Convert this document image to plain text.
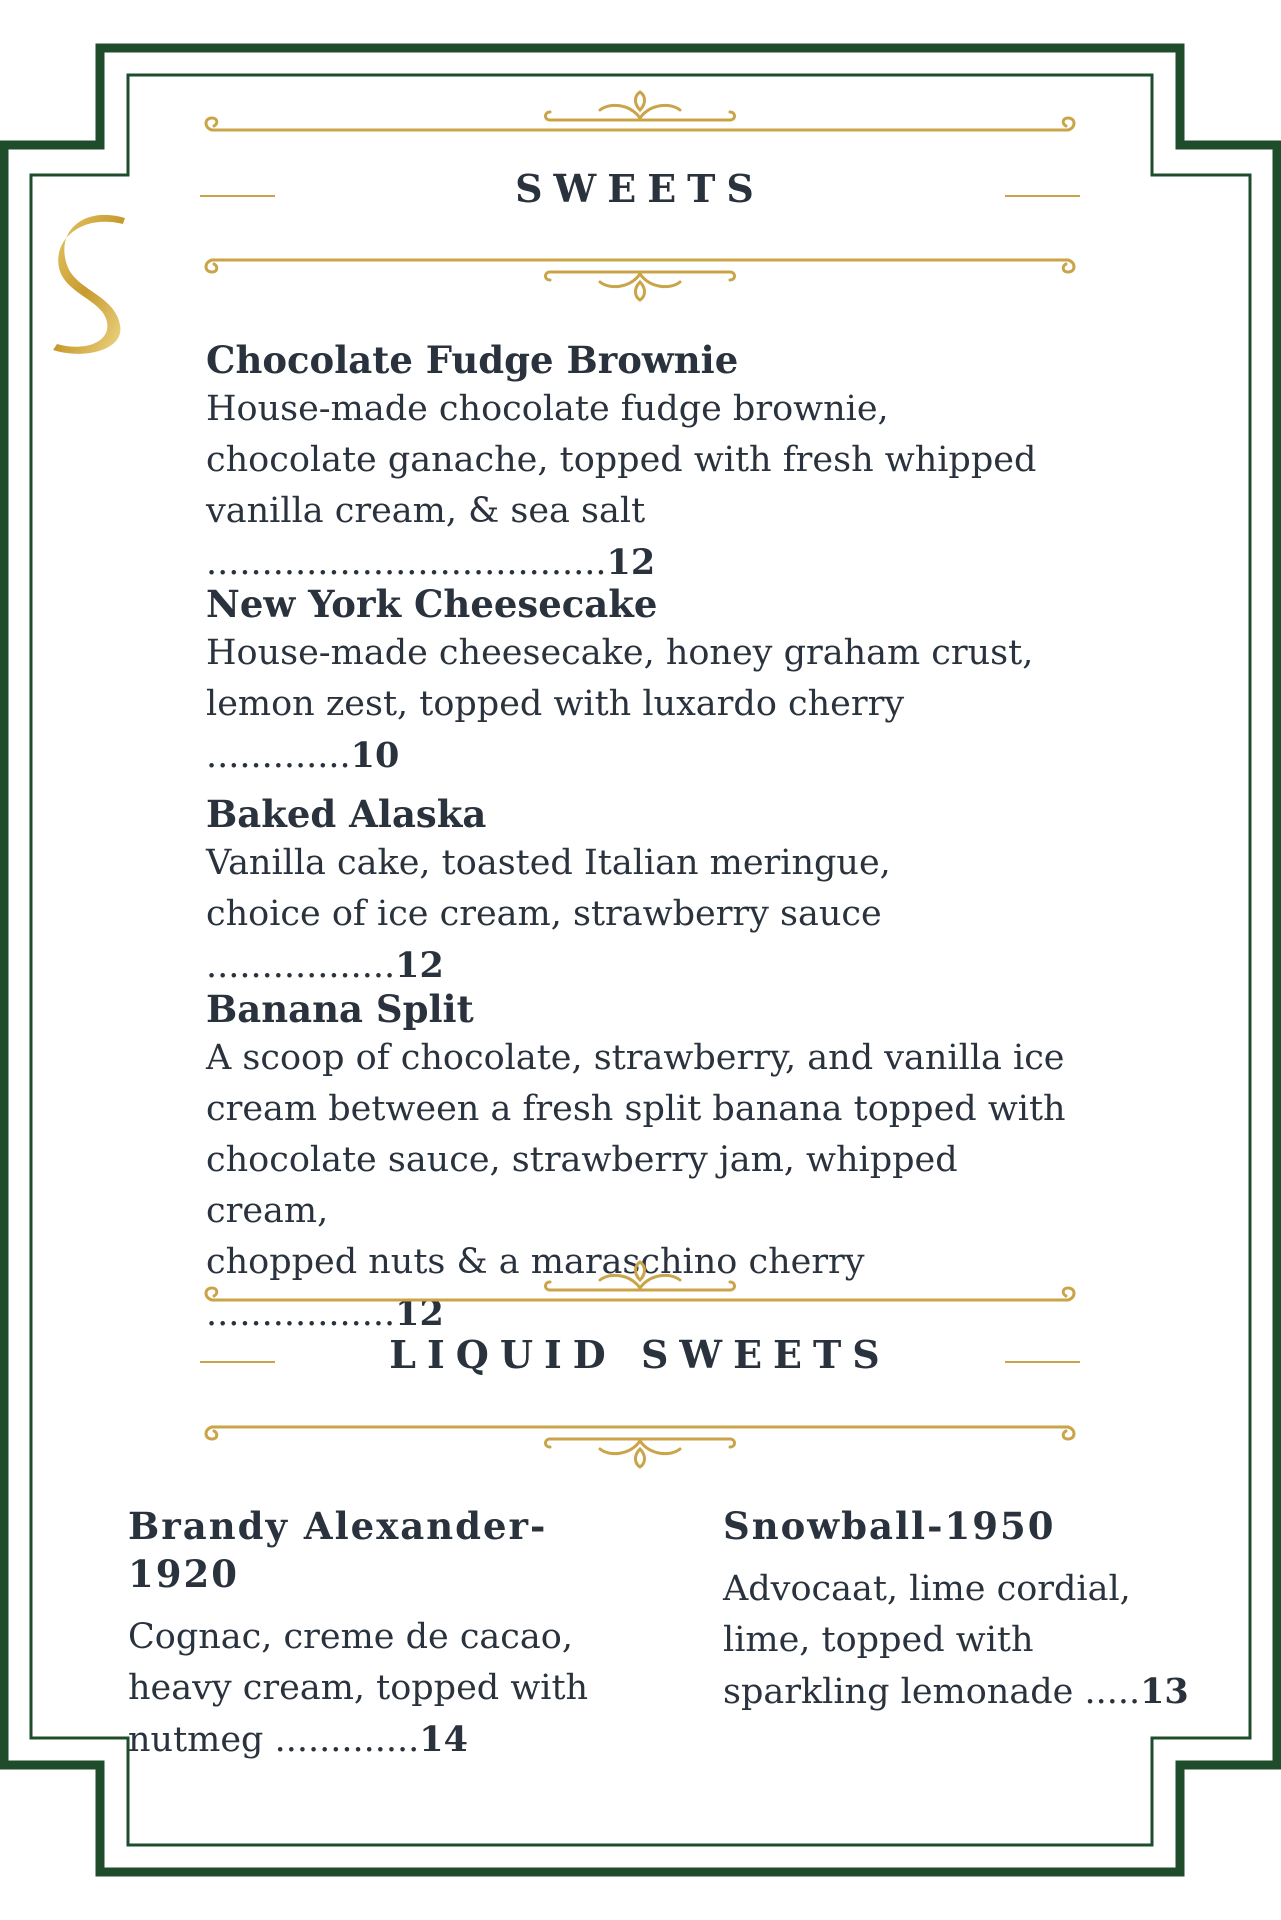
SWEETS
Chocolate Fudge Brownie
House-made chocolate fudge brownie,
chocolate ganache, topped with fresh whipped
vanilla cream, & sea salt ....................................12
New York Cheesecake
House-made cheesecake, honey graham crust,
lemon zest, topped with luxardo cherry .............10
Baked Alaska
Vanilla cake, toasted Italian meringue,
choice of ice cream, strawberry sauce .................12
Banana Split
A scoop of chocolate, strawberry, and vanilla ice
cream between a fresh split banana topped with
chocolate sauce, strawberry jam, whipped cream,
chopped nuts & a maraschino cherry .................12
LIQUID SWEETS
Brandy Alexander-1920
Cognac, creme de cacao,
heavy cream, topped with
nutmeg .............14
Snowball-1950
Advocaat, lime cordial,
lime, topped with
sparkling lemonade .....13
